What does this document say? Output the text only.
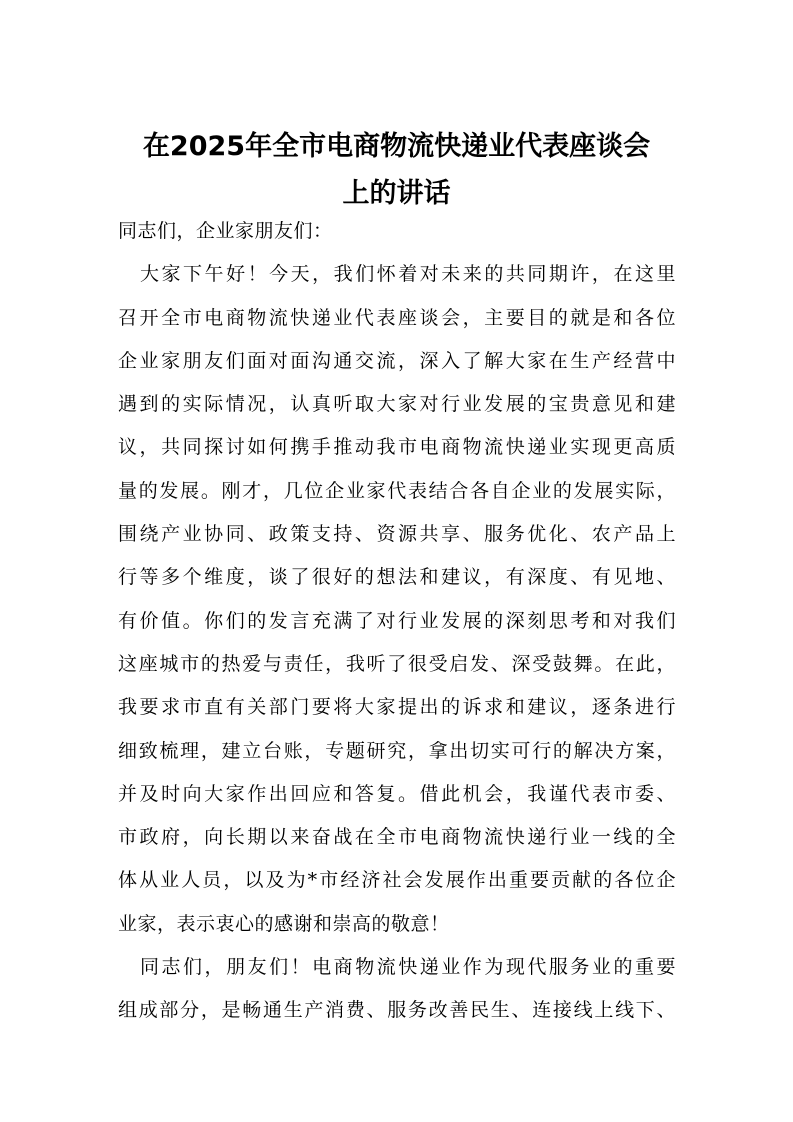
在2025年全市电商物流快递业代表座谈会
上的讲话
同志们，企业家朋友们：
大家下午好！今天，我们怀着对未来的共同期许，在这里
召开全市电商物流快递业代表座谈会，主要目的就是和各位
企业家朋友们面对面沟通交流，深入了解大家在生产经营中
遇到的实际情况，认真听取大家对行业发展的宝贵意见和建
议，共同探讨如何携手推动我市电商物流快递业实现更高质
量的发展。刚才，几位企业家代表结合各自企业的发展实际，
围绕产业协同、政策支持、资源共享、服务优化、农产品上
行等多个维度，谈了很好的想法和建议，有深度、有见地、
有价值。你们的发言充满了对行业发展的深刻思考和对我们
这座城市的热爱与责任，我听了很受启发、深受鼓舞。在此，
我要求市直有关部门要将大家提出的诉求和建议，逐条进行
细致梳理，建立台账，专题研究，拿出切实可行的解决方案，
并及时向大家作出回应和答复。借此机会，我谨代表市委、
市政府，向长期以来奋战在全市电商物流快递行业一线的全
体从业人员，以及为*市经济社会发展作出重要贡献的各位企
业家，表示衷心的感谢和崇高的敬意！
同志们，朋友们！电商物流快递业作为现代服务业的重要
组成部分，是畅通生产消费、服务改善民生、连接线上线下、
